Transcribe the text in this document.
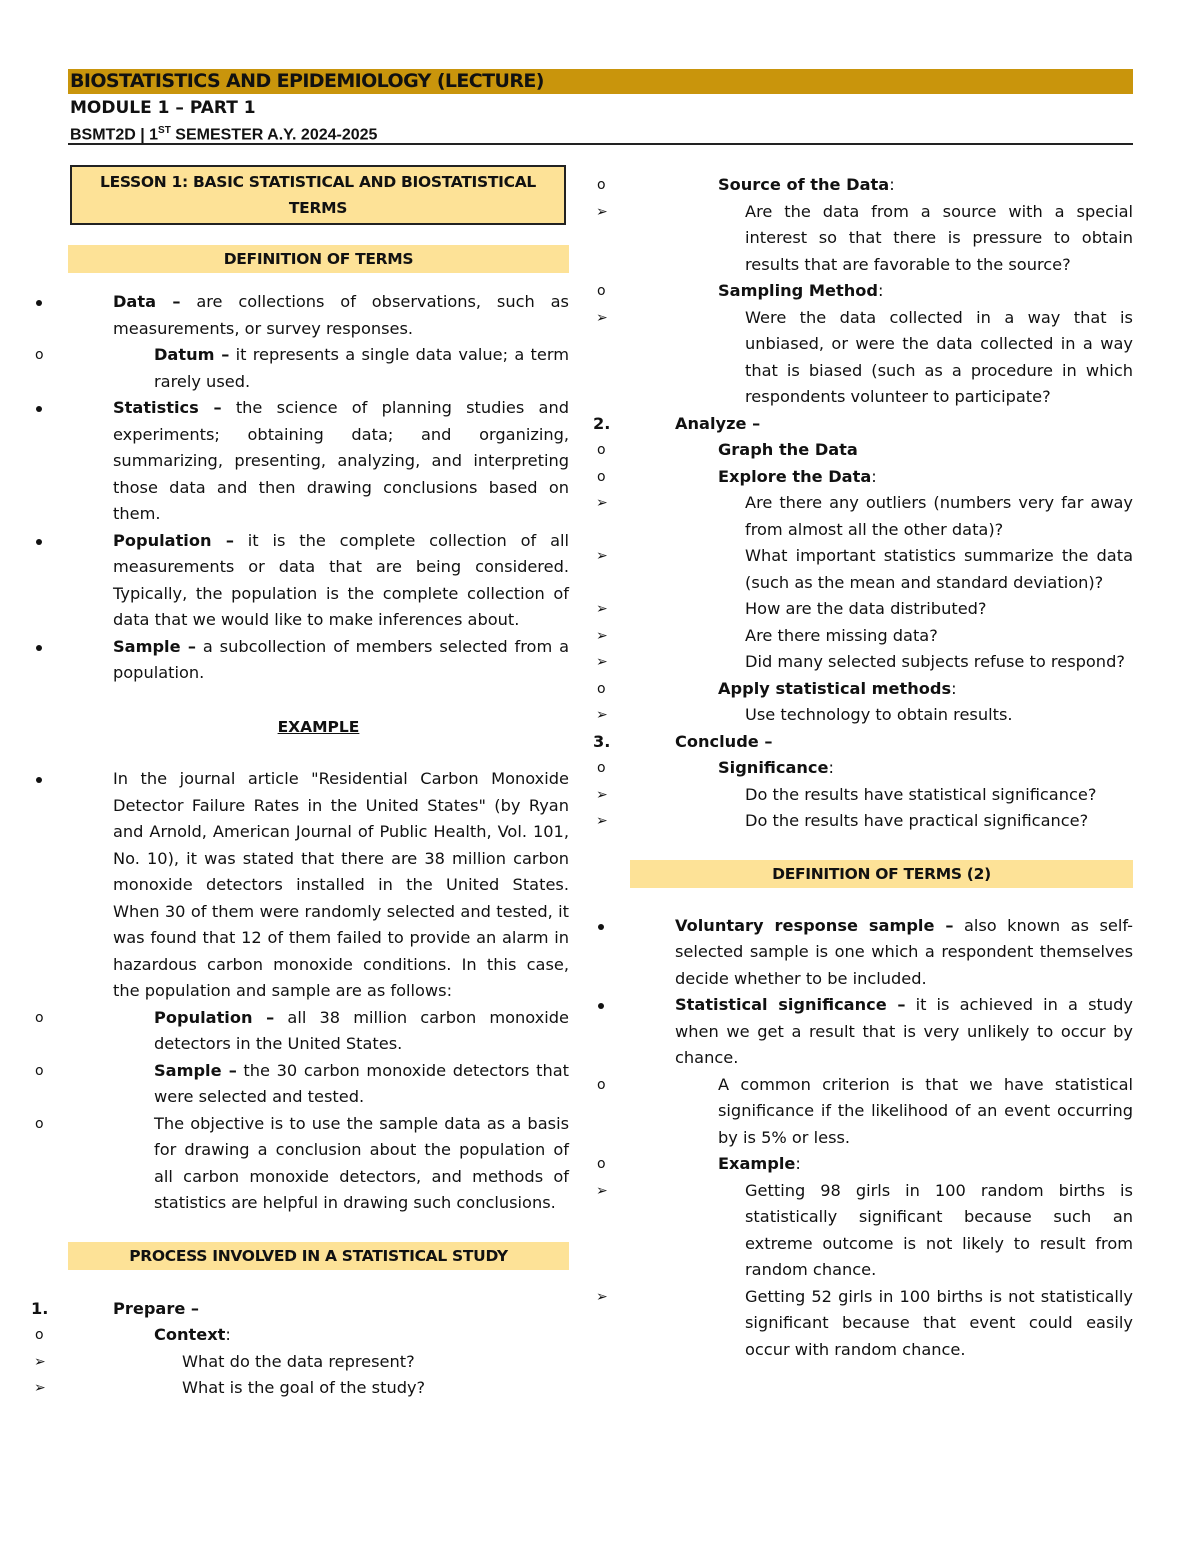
BIOSTATISTICS AND EPIDEMIOLOGY (LECTURE)
MODULE 1 – PART 1
BSMT2D | 1ST SEMESTER A.Y. 2024-2025
LESSON 1: BASIC STATISTICAL AND BIOSTATISTICAL TERMS
DEFINITION OF TERMS
Data – are collections of observations, such as measurements, or survey responses.
o	Datum – it represents a single data value; a term rarely used.
Statistics – the science of planning studies and experiments; obtaining data; and organizing, summarizing, presenting, analyzing, and interpreting those data and then drawing conclusions based on them.
Population – it is the complete collection of all measurements or data that are being considered. Typically, the population is the complete collection of data that we would like to make inferences about.
Sample – a subcollection of members selected from a population.
EXAMPLE
In the journal article "Residential Carbon Monoxide Detector Failure Rates in the United States" (by Ryan and Arnold, American Journal of Public Health, Vol. 101, No. 10), it was stated that there are 38 million carbon monoxide detectors installed in the United States. When 30 of them were randomly selected and tested, it was found that 12 of them failed to provide an alarm in hazardous carbon monoxide conditions. In this case, the population and sample are as follows:
o	Population – all 38 million carbon monoxide detectors in the United States.
o	Sample – the 30 carbon monoxide detectors that were selected and tested.
o	The objective is to use the sample data as a basis for drawing a conclusion about the population of all carbon monoxide detectors, and methods of statistics are helpful in drawing such conclusions.
PROCESS INVOLVED IN A STATISTICAL STUDY
1.	Prepare –
o	Context:
➢	What do the data represent?
➢	What is the goal of the study?
o	Source of the Data:
➢	Are the data from a source with a special interest so that there is pressure to obtain results that are favorable to the source?
o	Sampling Method:
➢	Were the data collected in a way that is unbiased, or were the data collected in a way that is biased (such as a procedure in which respondents volunteer to participate?
2.	Analyze –
o	Graph the Data
o	Explore the Data:
➢	Are there any outliers (numbers very far away from almost all the other data)?
➢	What important statistics summarize the data (such as the mean and standard deviation)?
➢	How are the data distributed?
➢	Are there missing data?
➢	Did many selected subjects refuse to respond?
o	Apply statistical methods:
➢	Use technology to obtain results.
3.	Conclude –
o	Significance:
➢	Do the results have statistical significance?
➢	Do the results have practical significance?
DEFINITION OF TERMS (2)
Voluntary response sample – also known as self-selected sample is one which a respondent themselves decide whether to be included.
Statistical significance – it is achieved in a study when we get a result that is very unlikely to occur by chance.
o	A common criterion is that we have statistical significance if the likelihood of an event occurring by is 5% or less.
o	Example:
➢	Getting 98 girls in 100 random births is statistically significant because such an extreme outcome is not likely to result from random chance.
➢	Getting 52 girls in 100 births is not statistically significant because that event could easily occur with random chance.
